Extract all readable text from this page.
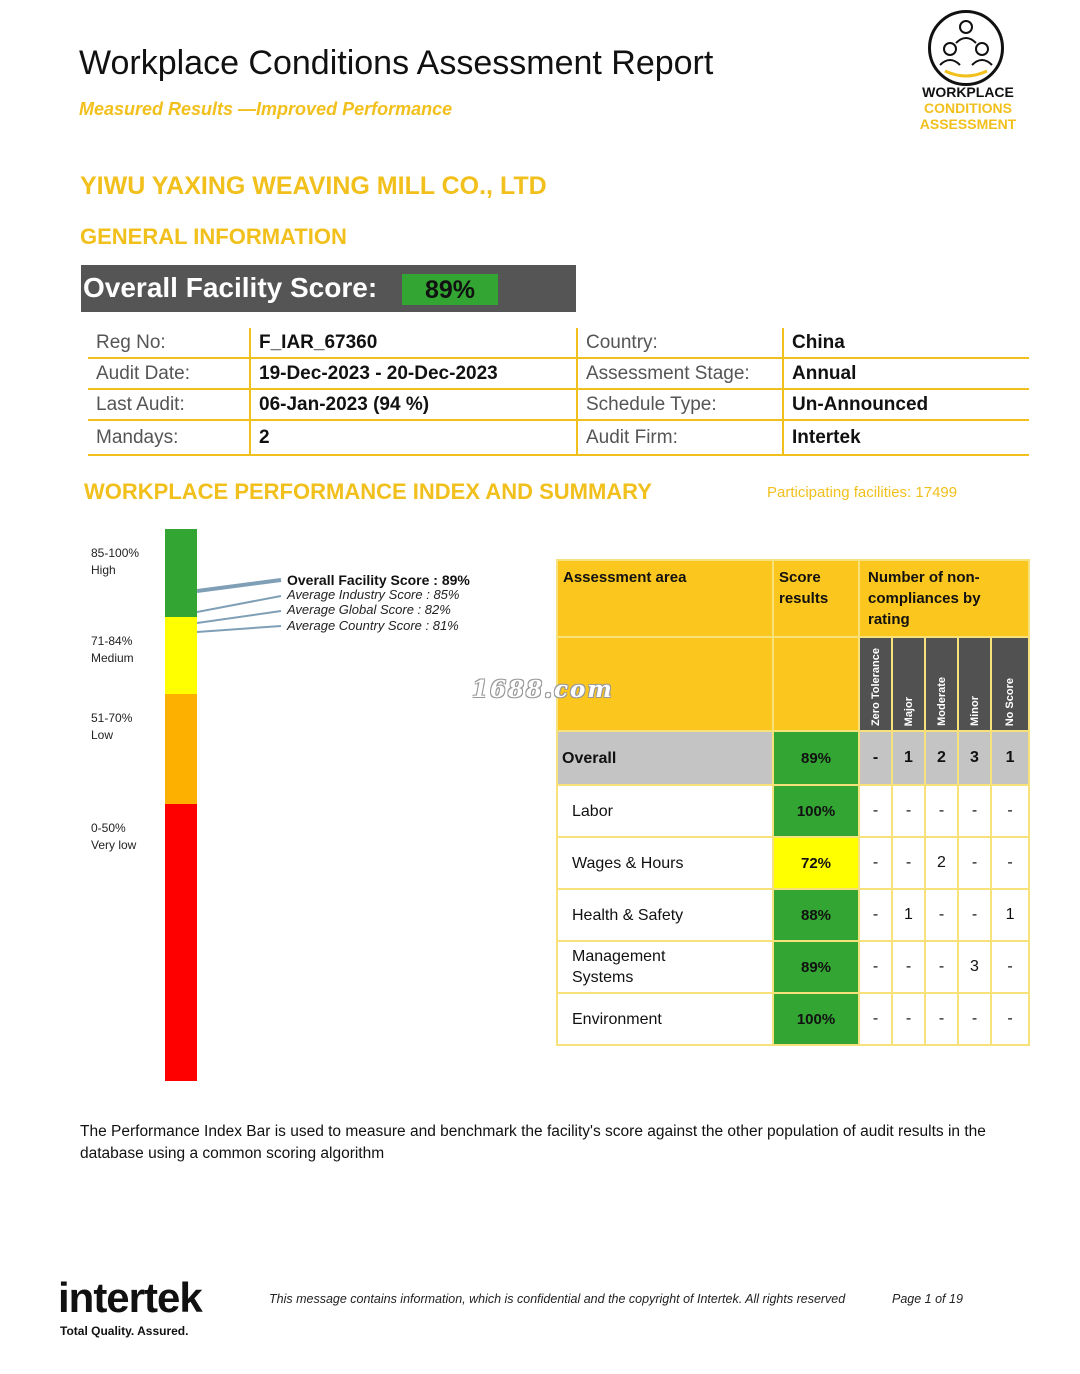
Workplace Conditions Assessment Report
Measured Results —Improved Performance
WORKPLACE
CONDITIONS
ASSESSMENT
YIWU YAXING WEAVING MILL CO., LTD
GENERAL INFORMATION
Overall Facility Score:	89%
Reg No:	F_IAR_67360	Country:	China
Audit Date:	19-Dec-2023 - 20-Dec-2023	Assessment Stage:	Annual
Last Audit:	06-Jan-2023 (94 %)	Schedule Type:	Un-Announced
Mandays:	2	Audit Firm:	Intertek
WORKPLACE PERFORMANCE INDEX AND SUMMARY	Participating facilities: 17499
85-100%
High
71-84%
Medium
51-70%
Low
0-50%
Very low
Overall Facility Score : 89%
Average Industry Score : 85%
Average Global Score : 82%
Average Country Score : 81%
Assessment area	Score results	Number of non-compliances by rating				

		Zero Tolerance	Major	Moderate	Minor	No Score

Overall	89%	-	1	2	3	1
Labor	100%	-	-	-	-	-
Wages & Hours	72%	-	-	2	-	-
Health & Safety	88%	-	1	-	-	1
Management Systems	89%	-	-	-	3	-
Environment	100%	-	-	-	-	-
1688.com
The Performance Index Bar is used to measure and benchmark the facility's score against the other population of audit results in the database using a common scoring algorithm
intertek
Total Quality. Assured.
This message contains information, which is confidential and the copyright of Intertek. All rights reserved	Page 1 of 19
